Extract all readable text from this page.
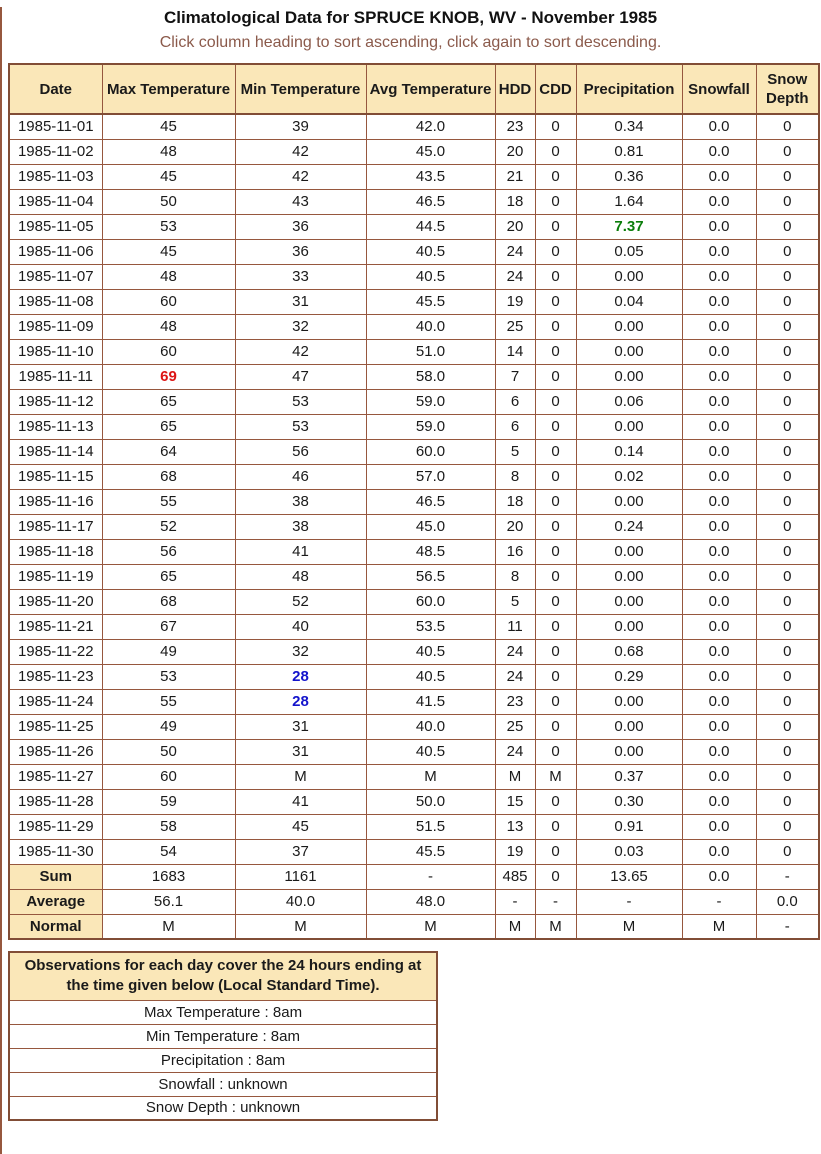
Climatological Data for SPRUCE KNOB, WV - November 1985
Click column heading to sort ascending, click again to sort descending.
Date	Max Temperature	Min Temperature	Avg Temperature	HDD	CDD	Precipitation	Snowfall	Snow Depth
1985-11-01	45	39	42.0	23	0	0.34	0.0	0
1985-11-02	48	42	45.0	20	0	0.81	0.0	0
1985-11-03	45	42	43.5	21	0	0.36	0.0	0
1985-11-04	50	43	46.5	18	0	1.64	0.0	0
1985-11-05	53	36	44.5	20	0	7.37	0.0	0
1985-11-06	45	36	40.5	24	0	0.05	0.0	0
1985-11-07	48	33	40.5	24	0	0.00	0.0	0
1985-11-08	60	31	45.5	19	0	0.04	0.0	0
1985-11-09	48	32	40.0	25	0	0.00	0.0	0
1985-11-10	60	42	51.0	14	0	0.00	0.0	0
1985-11-11	69	47	58.0	7	0	0.00	0.0	0
1985-11-12	65	53	59.0	6	0	0.06	0.0	0
1985-11-13	65	53	59.0	6	0	0.00	0.0	0
1985-11-14	64	56	60.0	5	0	0.14	0.0	0
1985-11-15	68	46	57.0	8	0	0.02	0.0	0
1985-11-16	55	38	46.5	18	0	0.00	0.0	0
1985-11-17	52	38	45.0	20	0	0.24	0.0	0
1985-11-18	56	41	48.5	16	0	0.00	0.0	0
1985-11-19	65	48	56.5	8	0	0.00	0.0	0
1985-11-20	68	52	60.0	5	0	0.00	0.0	0
1985-11-21	67	40	53.5	11	0	0.00	0.0	0
1985-11-22	49	32	40.5	24	0	0.68	0.0	0
1985-11-23	53	28	40.5	24	0	0.29	0.0	0
1985-11-24	55	28	41.5	23	0	0.00	0.0	0
1985-11-25	49	31	40.0	25	0	0.00	0.0	0
1985-11-26	50	31	40.5	24	0	0.00	0.0	0
1985-11-27	60	M	M	M	M	0.37	0.0	0
1985-11-28	59	41	50.0	15	0	0.30	0.0	0
1985-11-29	58	45	51.5	13	0	0.91	0.0	0
1985-11-30	54	37	45.5	19	0	0.03	0.0	0
Sum	1683	1161	-	485	0	13.65	0.0	-
Average	56.1	40.0	48.0	-	-	-	-	0.0
Normal	M	M	M	M	M	M	M	-
Observations for each day cover the 24 hours ending at the time given below (Local Standard Time).
Max Temperature : 8am
Min Temperature : 8am
Precipitation : 8am
Snowfall : unknown
Snow Depth : unknown
